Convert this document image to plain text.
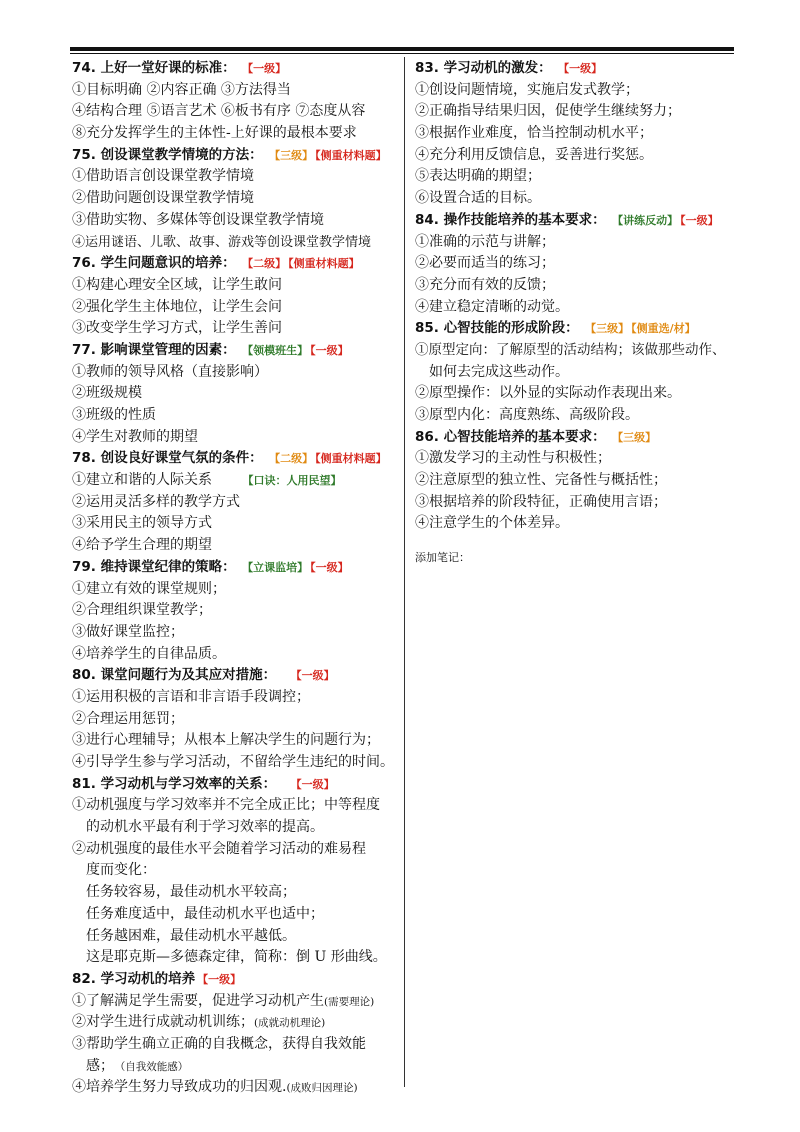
74. 上好一堂好课的标准： 【一级】
①目标明确 ②内容正确 ③方法得当
④结构合理 ⑤语言艺术 ⑥板书有序 ⑦态度从容
⑧充分发挥学生的主体性-上好课的最根本要求
75. 创设课堂教学情境的方法： 【三级】 【侧重材料题】
①借助语言创设课堂教学情境
②借助问题创设课堂教学情境
③借助实物、多媒体等创设课堂教学情境
④运用谜语、儿歌、故事、游戏等创设课堂教学情境
76. 学生问题意识的培养： 【二级】 【侧重材料题】
①构建心理安全区域，让学生敢问
②强化学生主体地位，让学生会问
③改变学生学习方式，让学生善问
77. 影响课堂管理的因素： 【领模班生】 【一级】
①教师的领导风格（直接影响）
②班级规模
③班级的性质
④学生对教师的期望
78. 创设良好课堂气氛的条件： 【二级】 【侧重材料题】
①建立和谐的人际关系	【口诀：人用民望】
②运用灵活多样的教学方式
③采用民主的领导方式
④给予学生合理的期望
79. 维持课堂纪律的策略： 【立课监培】 【一级】
①建立有效的课堂规则；
②合理组织课堂教学；
③做好课堂监控；
④培养学生的自律品质。
80. 课堂问题行为及其应对措施： 【一级】
①运用积极的言语和非言语手段调控；
②合理运用惩罚；
③进行心理辅导；从根本上解决学生的问题行为；
④引导学生参与学习活动，不留给学生违纪的时间。
81. 学习动机与学习效率的关系： 【一级】
①动机强度与学习效率并不完全成正比；中等程度
的动机水平最有利于学习效率的提高。
②动机强度的最佳水平会随着学习活动的难易程
度而变化：
任务较容易，最佳动机水平较高；
任务难度适中，最佳动机水平也适中；
任务越困难，最佳动机水平越低。
这是耶克斯—多德森定律，简称：倒 U 形曲线。
82. 学习动机的培养 【一级】
①了解满足学生需要，促进学习动机产生(需要理论)
②对学生进行成就动机训练；(成就动机理论)
③帮助学生确立正确的自我概念，获得自我效能
感； （自我效能感）
④培养学生努力导致成功的归因观.(成败归因理论)
83. 学习动机的激发： 【一级】
①创设问题情境，实施启发式教学；
②正确指导结果归因，促使学生继续努力；
③根据作业难度，恰当控制动机水平；
④充分利用反馈信息，妥善进行奖惩。
⑤表达明确的期望；
⑥设置合适的目标。
84. 操作技能培养的基本要求： 【讲练反动】 【一级】
①准确的示范与讲解；
②必要而适当的练习；
③充分而有效的反馈；
④建立稳定清晰的动觉。
85. 心智技能的形成阶段： 【三级】 【侧重选/材】
①原型定向：了解原型的活动结构；该做那些动作、
如何去完成这些动作。
②原型操作：以外显的实际动作表现出来。
③原型内化：高度熟练、高级阶段。
86. 心智技能培养的基本要求： 【三级】
①激发学习的主动性与积极性；
②注意原型的独立性、完备性与概括性；
③根据培养的阶段特征，正确使用言语；
④注意学生的个体差异。
添加笔记：
